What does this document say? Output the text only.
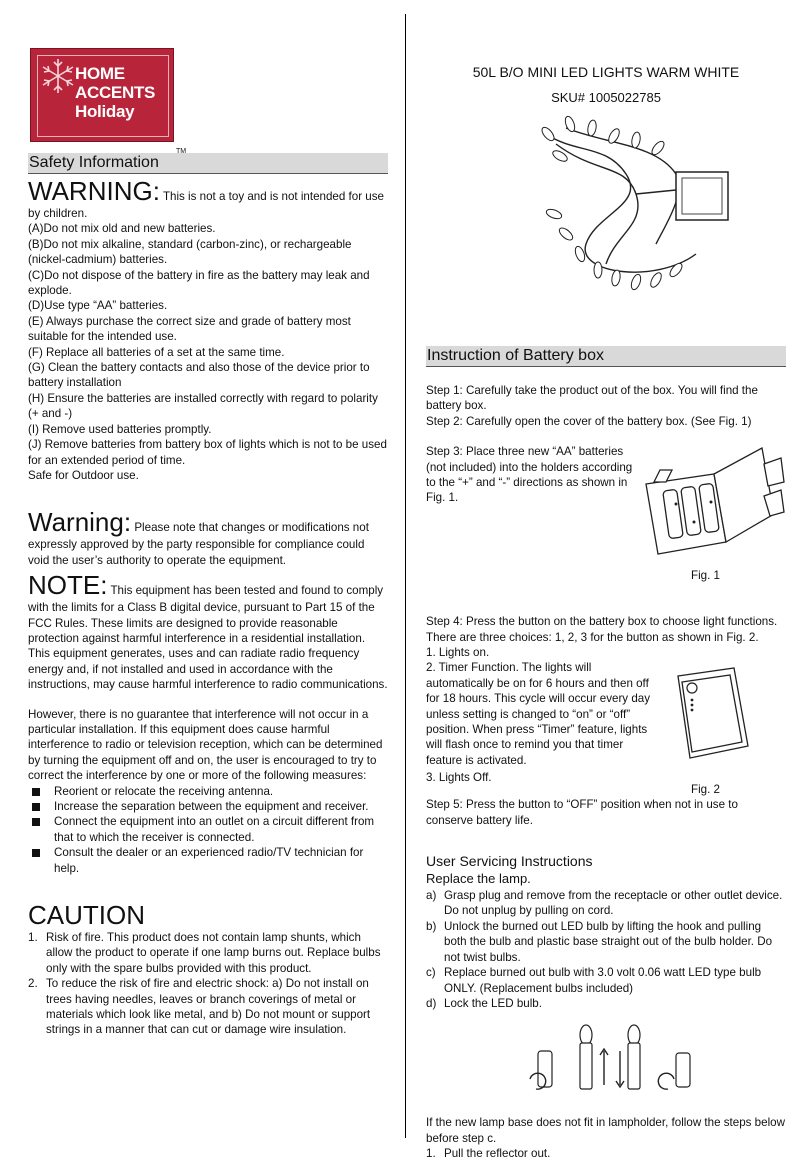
HOME
ACCENTS
Holiday
TM
Safety Information

WARNING: This is not a toy and is not intended for use by children.

(A)Do not mix old and new batteries.

(B)Do not mix alkaline, standard (carbon-zinc), or rechargeable (nickel-cadmium) batteries.

(C)Do not dispose of the battery in fire as the battery may leak and explode.

(D)Use type “AA” batteries.

(E) Always purchase the correct size and grade of battery most suitable for the intended use.

(F) Replace all batteries of a set at the same time.

(G) Clean the battery contacts and also those of the device prior to battery installation

(H) Ensure the batteries are installed correctly with regard to polarity (+ and -)

(I) Remove used batteries promptly.

(J) Remove batteries from battery box of lights which is not to be used for an extended period of time.

Safe for Outdoor use.

Warning: Please note that changes or modifications not expressly approved by the party responsible for compliance could void the user’s authority to operate the equipment.

NOTE: This equipment has been tested and found to comply with the limits for a Class B digital device, pursuant to Part 15 of the FCC Rules. These limits are designed to provide reasonable protection against harmful interference in a residential installation. This equipment generates, uses and can radiate radio frequency energy and, if not installed and used in accordance with the instructions, may cause harmful interference to radio communications.

However, there is no guarantee that interference will not occur in a particular installation. If this equipment does cause harmful interference to radio or television reception, which can be determined by turning the equipment off and on, the user is encouraged to try to correct the interference by one or more of the following measures:

Reorient or relocate the receiving antenna.
Increase the separation between the equipment and receiver.
Connect the equipment into an outlet on a circuit different from that to which the receiver is connected.
Consult the dealer or an experienced radio/TV technician for help.
CAUTION
1. Risk of fire. This product does not contain lamp shunts, which allow the product to operate if one lamp burns out. Replace bulbs only with the spare bulbs provided with this product.
2. To reduce the risk of fire and electric shock: a) Do not install on trees having needles, leaves or branch coverings of metal or materials which look like metal, and b) Do not mount or support strings in a manner that can cut or damage wire insulation.
50L B/O MINI LED LIGHTS WARM WHITE
SKU# 1005022785
Instruction of Battery box

Step 1: Carefully take the product out of the box. You will find the battery box.

Step 2: Carefully open the cover of the battery box. (See Fig. 1)

Step 3: Place three new “AA” batteries (not included) into the holders according to the “+” and “-” directions as shown in Fig. 1.

Fig. 1

Step 4: Press the button on the battery box to choose light functions. There are three choices: 1, 2, 3 for the button as shown in Fig. 2.

1. Lights on.

2. Timer Function. The lights will automatically be on for 6 hours and then off for 18 hours. This cycle will occur every day unless setting is changed to “on” or “off” position. When press “Timer” feature, lights will flash once to remind you that timer feature is activated.

3. Lights Off.

Fig. 2

Step 5: Press the button to “OFF” position when not in use to conserve battery life.

User Servicing Instructions
Replace the lamp.
a) Grasp plug and remove from the receptacle or other outlet device. Do not unplug by pulling on cord.
b) Unlock the burned out LED bulb by lifting the hook and pulling both the bulb and plastic base straight out of the bulb holder. Do not twist bulbs.
c) Replace burned out bulb with 3.0 volt 0.06 watt LED type bulb ONLY. (Replacement bulbs included)
d) Lock the LED bulb.

If the new lamp base does not fit in lampholder, follow the steps below before step c.

1. Pull the reflector out.
